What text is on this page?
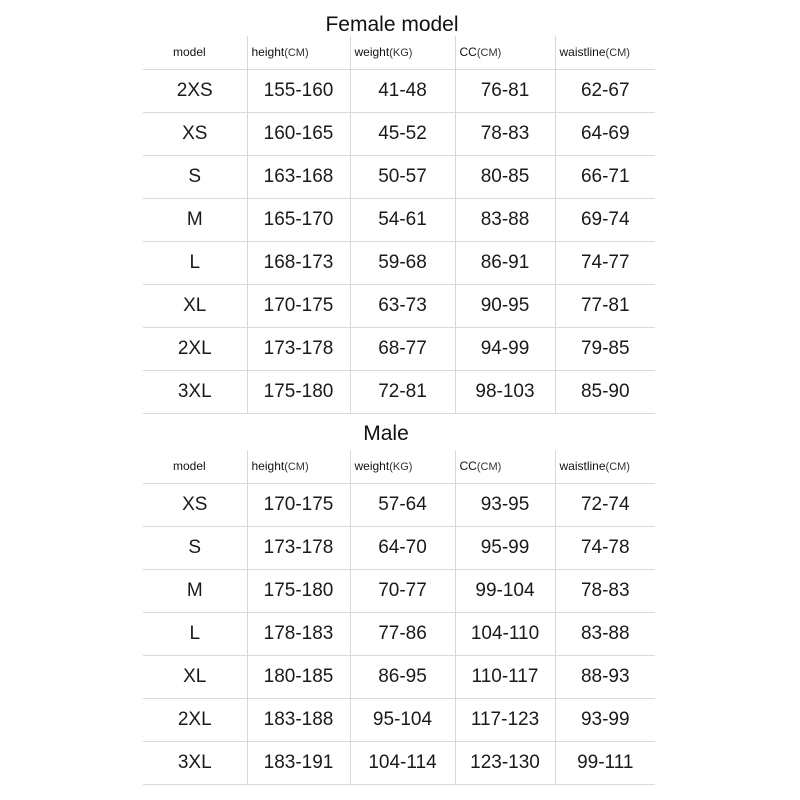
Female model
model	height(CM)	weight(KG)	CC(CM)	waistline(CM)
2XS	155-160	41-48	76-81	62-67
XS	160-165	45-52	78-83	64-69
S	163-168	50-57	80-85	66-71
M	165-170	54-61	83-88	69-74
L	168-173	59-68	86-91	74-77
XL	170-175	63-73	90-95	77-81
2XL	173-178	68-77	94-99	79-85
3XL	175-180	72-81	98-103	85-90
Male
model	height(CM)	weight(KG)	CC(CM)	waistline(CM)
XS	170-175	57-64	93-95	72-74
S	173-178	64-70	95-99	74-78
M	175-180	70-77	99-104	78-83
L	178-183	77-86	104-110	83-88
XL	180-185	86-95	110-117	88-93
2XL	183-188	95-104	117-123	93-99
3XL	183-191	104-114	123-130	99-111
